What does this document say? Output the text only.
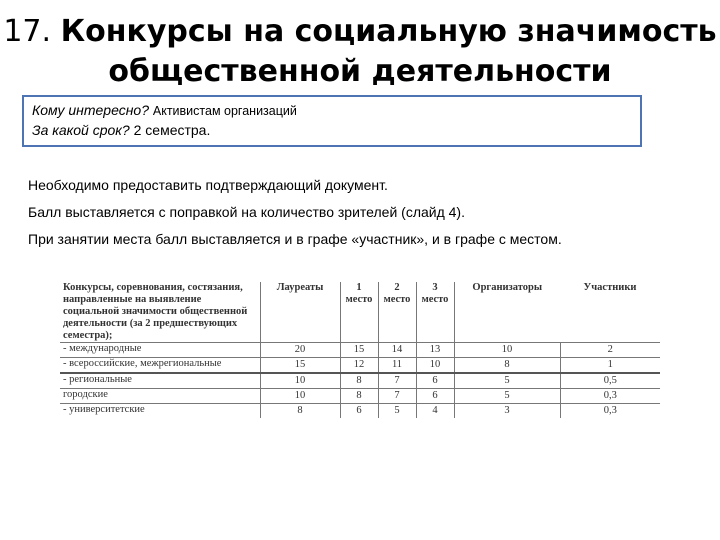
17. Конкурсы на социальную значимость
общественной деятельности
Кому интересно? Активистам организаций
За какой срок? 2 семестра.

Необходимо предоставить подтверждающий документ.

Балл выставляется с поправкой на количество зрителей (слайд 4).

При занятии места балл выставляется и в графе «участник», и в графе с местом.

Конкурсы, соревнования, состязания, направленные на выявление социальной значимости общественной деятельности (за 2 предшествующих семестра);	Лауреаты	1 место	2 место	3 место	Организаторы	Участники
- международные	20	15	14	13	10	2
- всероссийские, межрегиональные	15	12	11	10	8	1
- региональные	10	8	7	6	5	0,5
городские	10	8	7	6	5	0,3
- университетские	8	6	5	4	3	0,3
